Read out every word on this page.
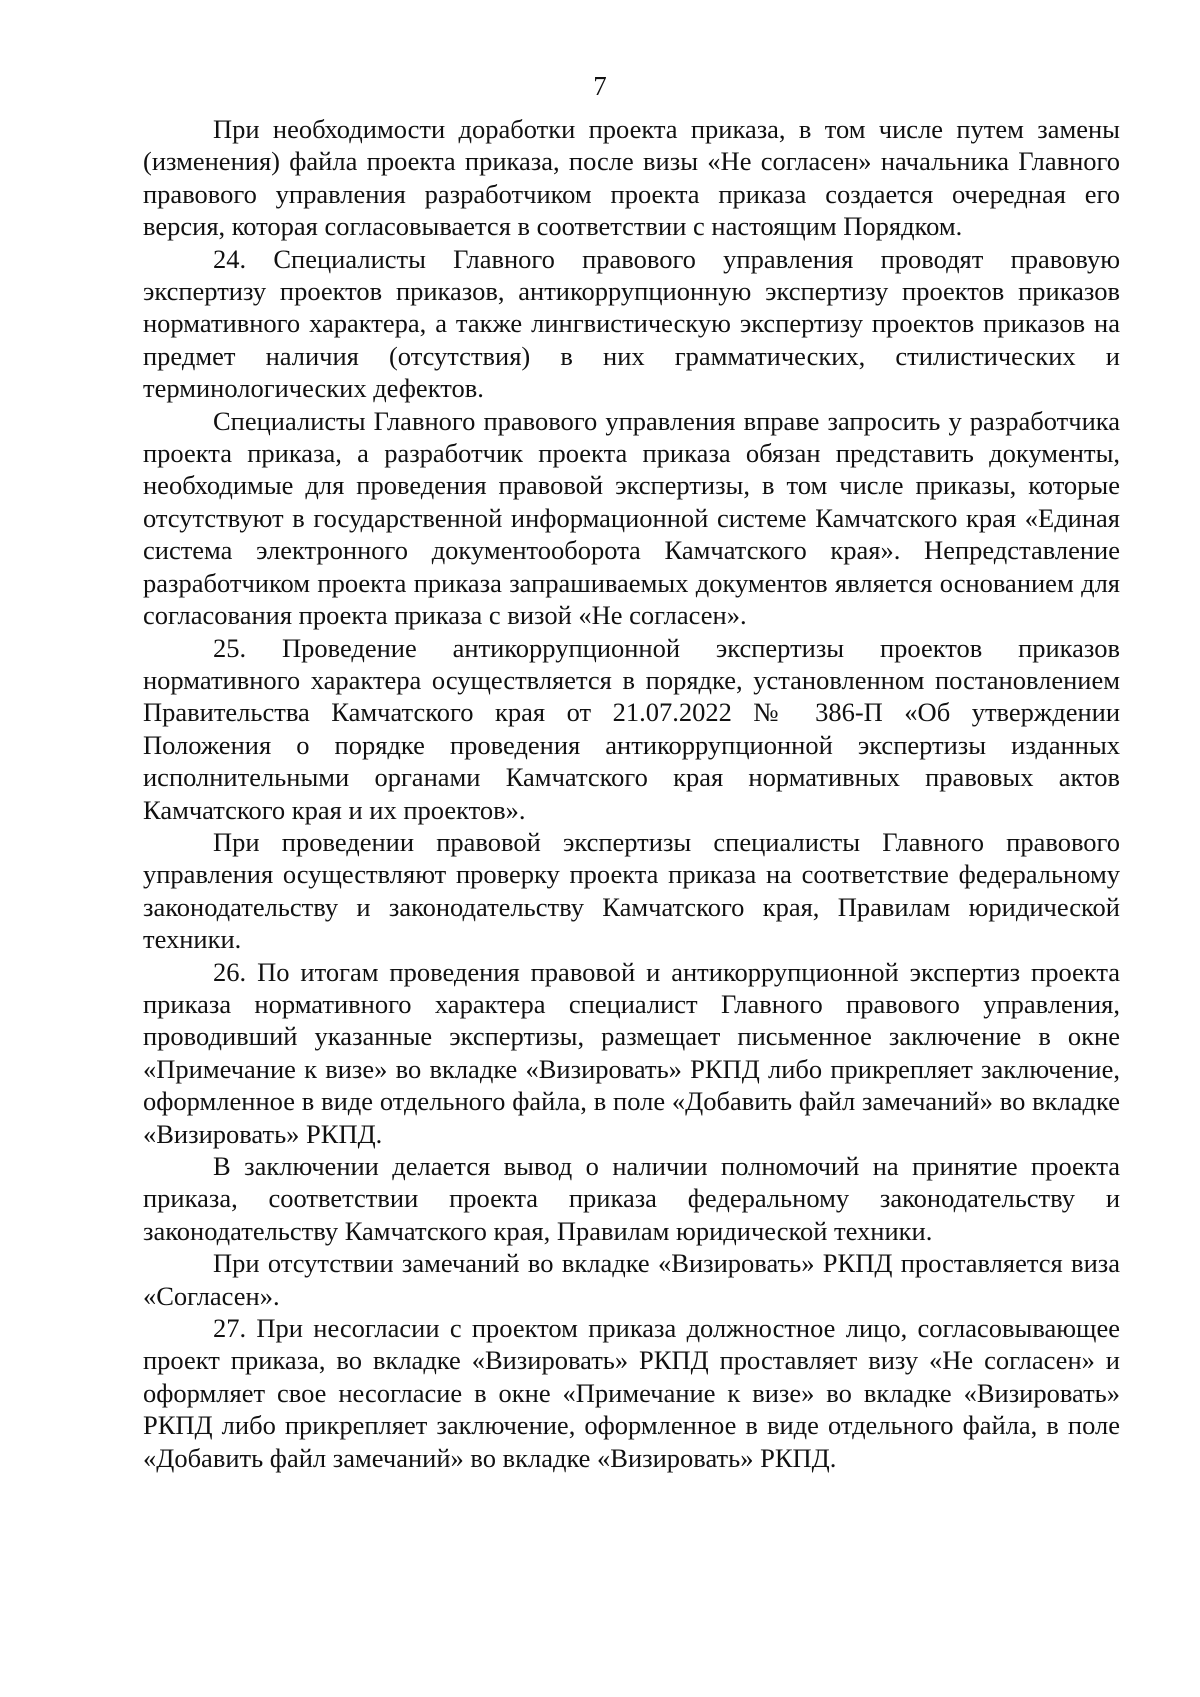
7

При необходимости доработки проекта приказа, в том числе путем замены (изменения) файла проекта приказа, после визы «Не согласен» начальника Главного правового управления разработчиком проекта приказа создается очередная его версия, которая согласовывается в соответствии с настоящим Порядком.

24. Специалисты Главного правового управления проводят правовую экспертизу проектов приказов, антикоррупционную экспертизу проектов приказов нормативного характера, а также лингвистическую экспертизу проектов приказов на предмет наличия (отсутствия) в них грамматических, стилистических и терминологических дефектов.

Специалисты Главного правового управления вправе запросить у разработчика проекта приказа, а разработчик проекта приказа обязан представить документы, необходимые для проведения правовой экспертизы, в том числе приказы, которые отсутствуют в государственной информационной системе Камчатского края «Единая система электронного документооборота Камчатского края». Непредставление разработчиком проекта приказа запрашиваемых документов является основанием для согласования проекта приказа с визой «Не согласен».

25. Проведение антикоррупционной экспертизы проектов приказов нормативного характера осуществляется в порядке, установленном постановлением Правительства Камчатского края от 21.07.2022 № 386-П «Об утверждении Положения о порядке проведения антикоррупционной экспертизы изданных исполнительными органами Камчатского края нормативных правовых актов Камчатского края и их проектов».

При проведении правовой экспертизы специалисты Главного правового управления осуществляют проверку проекта приказа на соответствие федеральному законодательству и законодательству Камчатского края, Правилам юридической техники.

26. По итогам проведения правовой и антикоррупционной экспертиз проекта приказа нормативного характера специалист Главного правового управления, проводивший указанные экспертизы, размещает письменное заключение в окне «Примечание к визе» во вкладке «Визировать» РКПД либо прикрепляет заключение, оформленное в виде отдельного файла, в поле «Добавить файл замечаний» во вкладке «Визировать» РКПД.

В заключении делается вывод о наличии полномочий на принятие проекта приказа, соответствии проекта приказа федеральному законодательству и законодательству Камчатского края, Правилам юридической техники.

При отсутствии замечаний во вкладке «Визировать» РКПД проставляется виза «Согласен».

27. При несогласии с проектом приказа должностное лицо, согласовывающее проект приказа, во вкладке «Визировать» РКПД проставляет визу «Не согласен» и оформляет свое несогласие в окне «Примечание к визе» во вкладке «Визировать» РКПД либо прикрепляет заключение, оформленное в виде отдельного файла, в поле «Добавить файл замечаний» во вкладке «Визировать» РКПД.
